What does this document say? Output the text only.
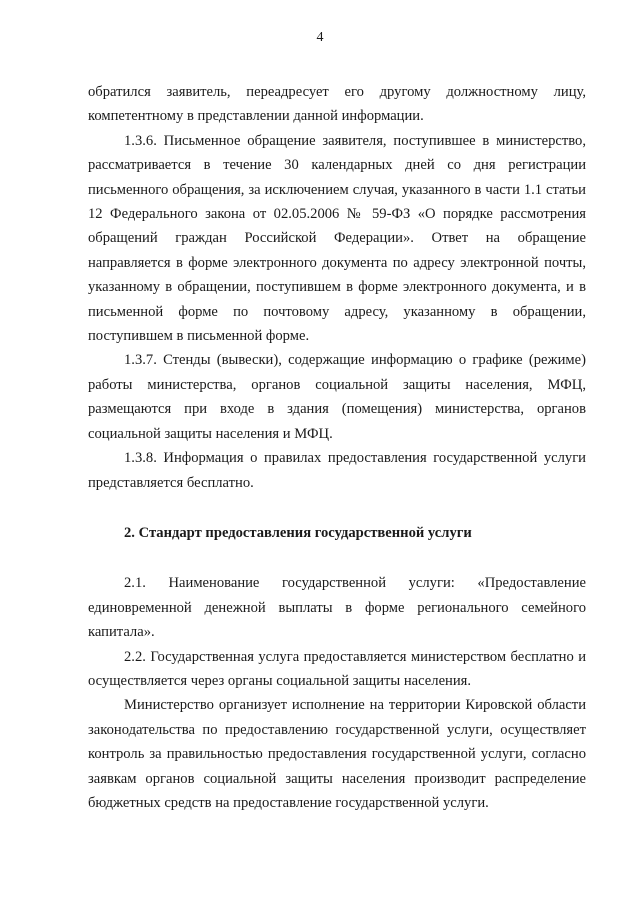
4

обратился заявитель, переадресует его другому должностному лицу, компетентному в представлении данной информации.

1.3.6. Письменное обращение заявителя, поступившее в министерство, рассматривается в течение 30 календарных дней со дня регистрации письменного обращения, за исключением случая, указанного в части 1.1 статьи 12 Федерального закона от 02.05.2006 № 59-ФЗ «О порядке рассмотрения обращений граждан Российской Федерации». Ответ на обращение направляется в форме электронного документа по адресу электронной почты, указанному в обращении, поступившем в форме электронного документа, и в письменной форме по почтовому адресу, указанному в обращении, поступившем в письменной форме.

1.3.7. Стенды (вывески), содержащие информацию о графике (режиме) работы министерства, органов социальной защиты населения, МФЦ, размещаются при входе в здания (помещения) министерства, органов социальной защиты населения и МФЦ.

1.3.8. Информация о правилах предоставления государственной услуги представляется бесплатно.

2. Стандарт предоставления государственной услуги

2.1. Наименование государственной услуги: «Предоставление единовременной денежной выплаты в форме регионального семейного капитала».

2.2. Государственная услуга предоставляется министерством бесплатно и осуществляется через органы социальной защиты населения.

Министерство организует исполнение на территории Кировской области законодательства по предоставлению государственной услуги, осуществляет контроль за правильностью предоставления государственной услуги, согласно заявкам органов социальной защиты населения производит распределение бюджетных средств на предоставление государственной услуги.
